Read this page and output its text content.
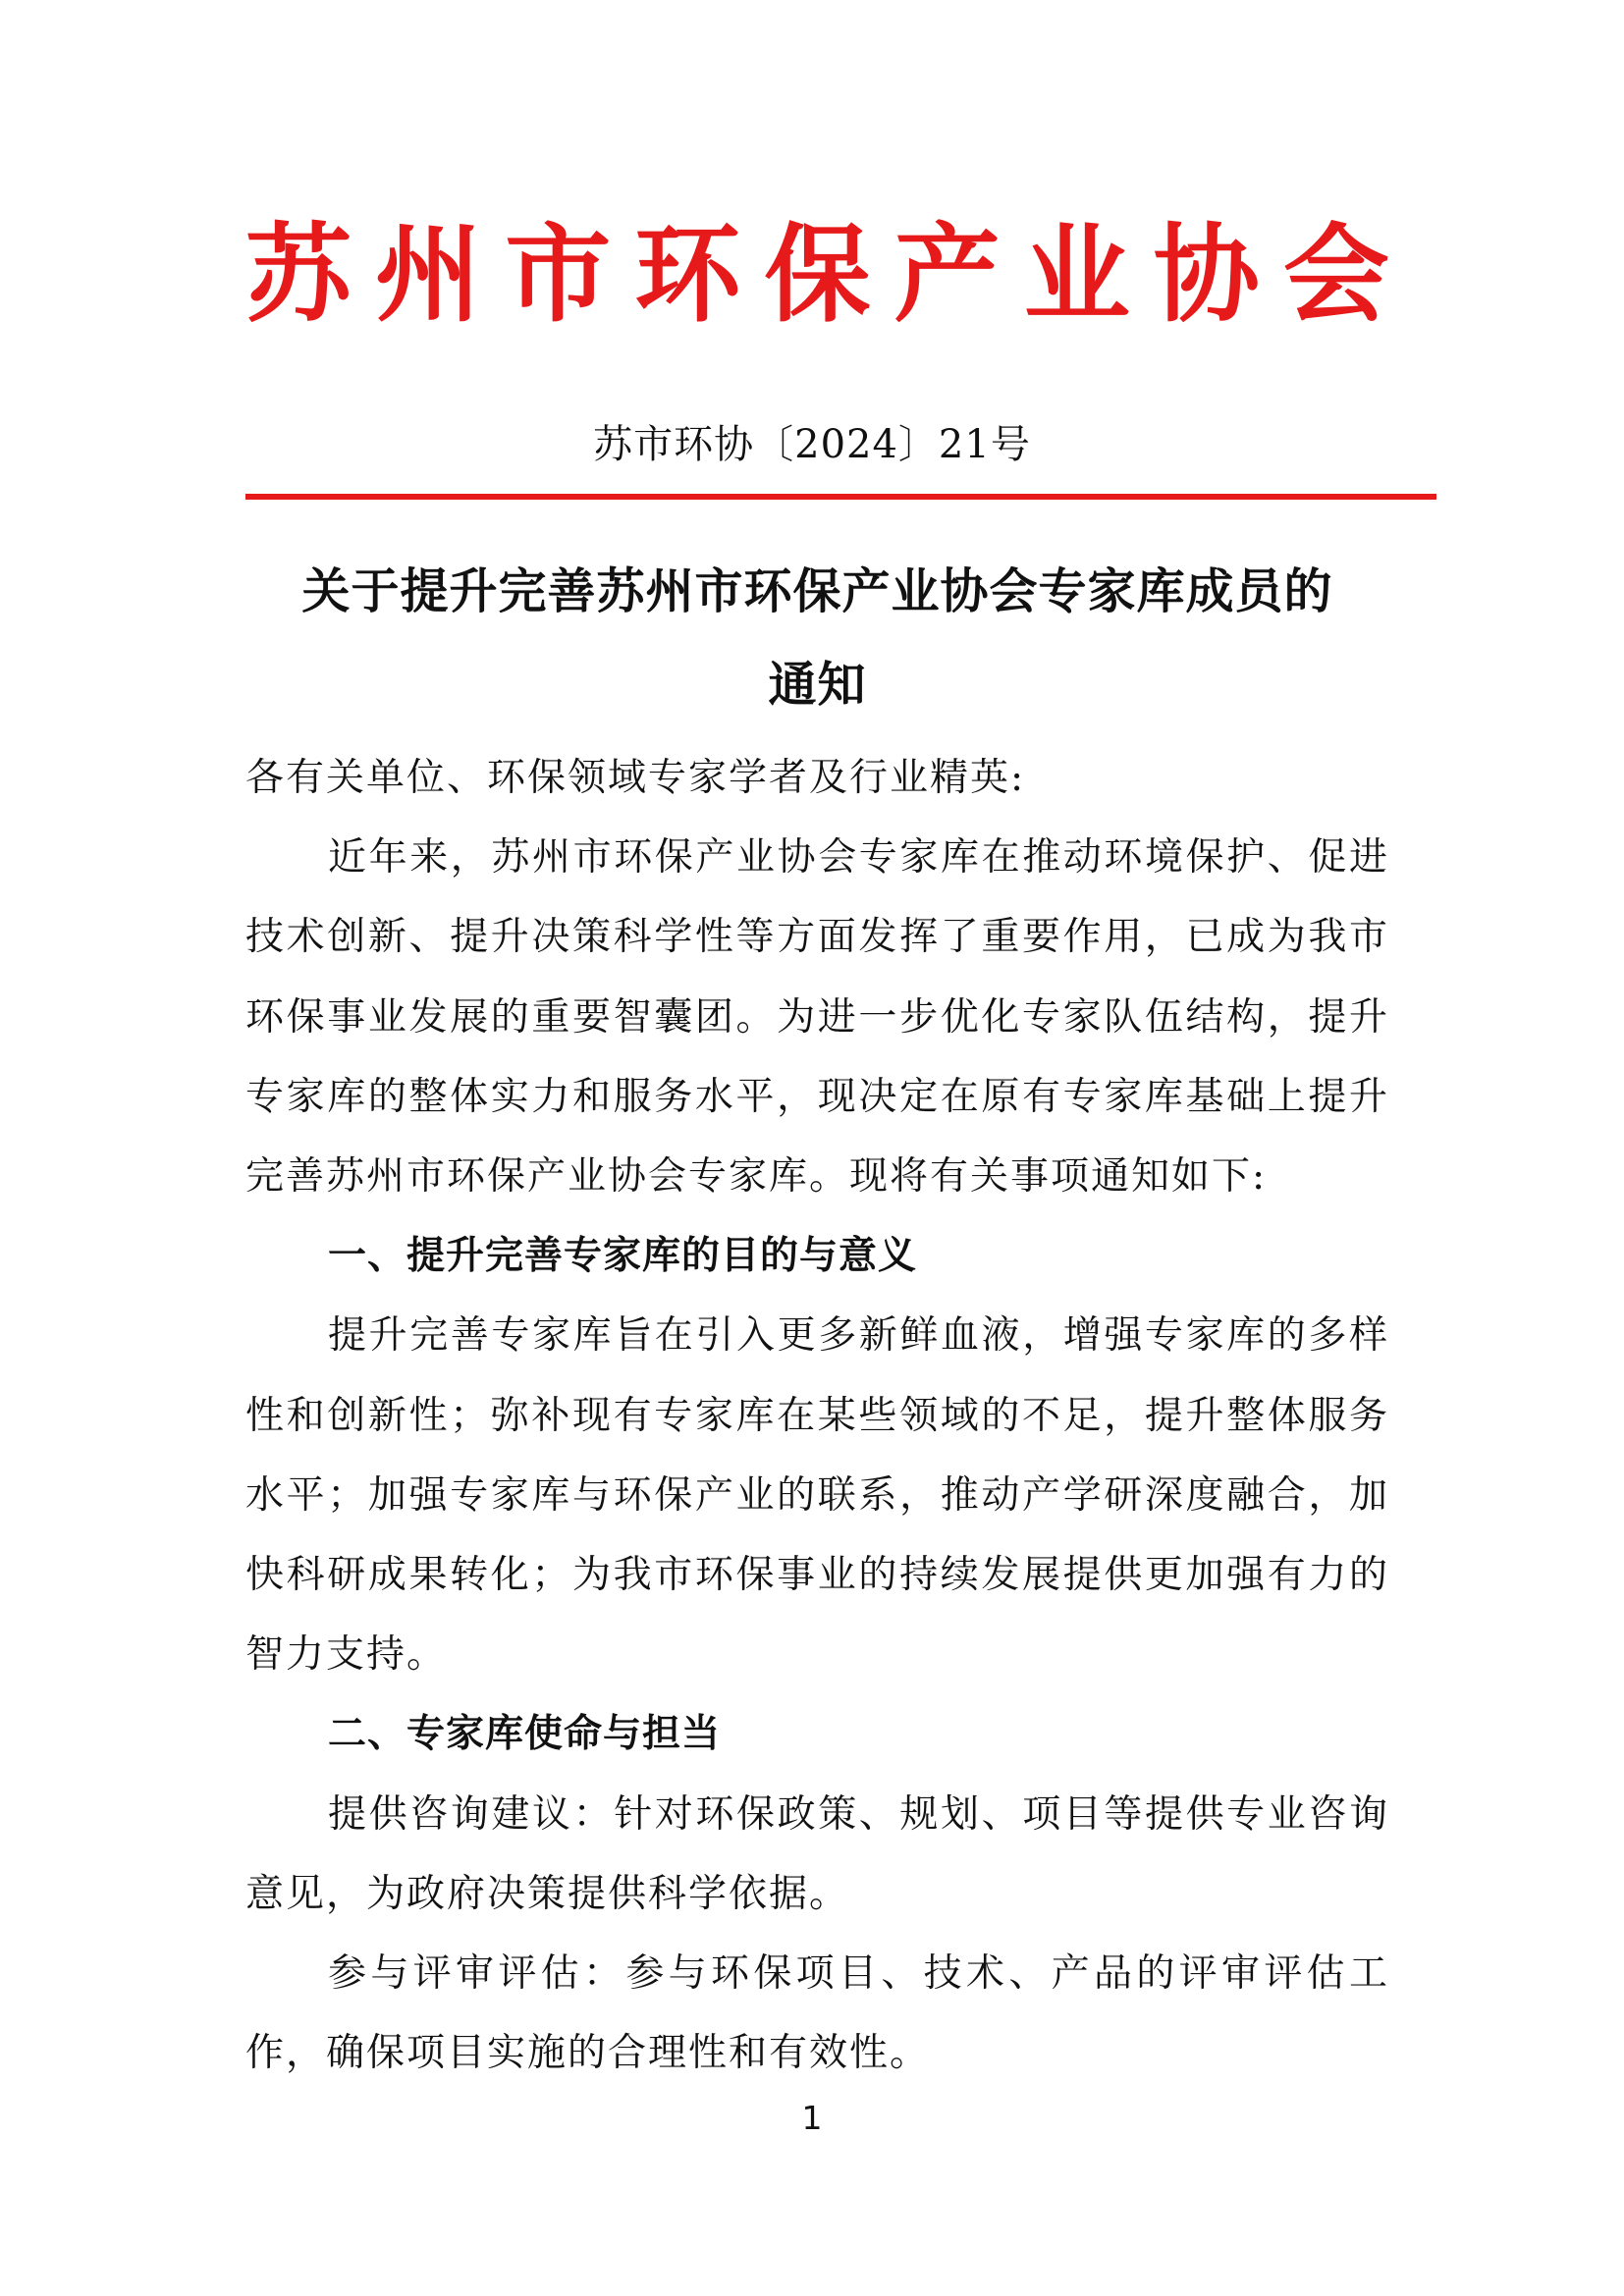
苏 州 市 环 保 产 业 协 会
苏市环协〔2024〕21号
关于提升完善苏州市环保产业协会专家库成员的
通知

各有关单位、环保领域专家学者及行业精英:

近年来，苏州市环保产业协会专家库在推动环境保护、促进技术创新、提升决策科学性等方面发挥了重要作用，已成为我市环保事业发展的重要智囊团。为进一步优化专家队伍结构，提升专家库的整体实力和服务水平，现决定在原有专家库基础上提升完善苏州市环保产业协会专家库。现将有关事项通知如下:

一、提升完善专家库的目的与意义

提升完善专家库旨在引入更多新鲜血液，增强专家库的多样性和创新性；弥补现有专家库在某些领域的不足，提升整体服务水平；加强专家库与环保产业的联系，推动产学研深度融合，加快科研成果转化；为我市环保事业的持续发展提供更加强有力的智力支持。

二、专家库使命与担当

提供咨询建议：针对环保政策、规划、项目等提供专业咨询意见，为政府决策提供科学依据。

参与评审评估：参与环保项目、技术、产品的评审评估工作，确保项目实施的合理性和有效性。

1
